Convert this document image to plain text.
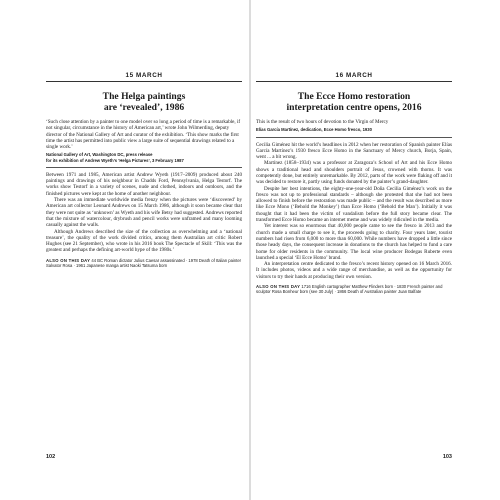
15 MARCH
The Helga paintings
are ‘revealed’, 1986

‘Such close attention by a painter to one model over so long a period of time is a remarkable, if not singular, circumstance in the history of American art,’ wrote John Wilmerding, deputy director of the National Gallery of Art and curator of the exhibition. ‘This show marks the first time the artist has permitted into public view a large suite of sequential drawings related to a single work.’

National Gallery of Art, Washington DC, press release
for its exhibition of Andrew Wyeth’s ‘Helga Pictures’, 3 February 1987

Between 1971 and 1985, American artist Andrew Wyeth (1917–2009) produced about 240 paintings and drawings of his neighbour in Chadds Ford, Pennsylvania, Helga Testorf. The works show Testorf in a variety of scenes, nude and clothed, indoors and outdoors, and the finished pictures were kept at the home of another neighbour.

There was an immediate worldwide media frenzy when the pictures were ‘discovered’ by American art collector Leonard Andrews on 15 March 1986, although it soon became clear that they were not quite as ‘unknown’ as Wyeth and his wife Betsy had suggested. Andrews reported that the mixture of watercolour, drybrush and pencil works were unframed and many looming casually against the walls.

Although Andrews described the size of the collection as overwhelming and a ‘national treasure’, the quality of the work divided critics, among them Australian art critic Robert Hughes (see 21 September), who wrote in his 2016 book The Spectacle of Skill: ‘This was the greatest and perhaps the defining art-world hype of the 1980s.’

ALSO ON THIS DAY 44 BC Roman dictator Julius Caesar assassinated · 1978 Death of Italian painter Salvator Rosa · 1961 Japanese manga artist Naoki Tatsuma born
102
16 MARCH
The Ecce Homo restoration
interpretation centre opens, 2016

This is the result of two hours of devotion to the Virgin of Mercy

Elías García Martínez, dedication, Ecce Homo fresco, 1930

Cecilia Giménez hit the world’s headlines in 2012 when her restoration of Spanish painter Elías García Martínez’s 1930 fresco Ecce Homo in the Sanctuary of Mercy church, Borja, Spain, went ... a bit wrong.

Martínez (1858–1934) was a professor at Zaragoza’s School of Art and his Ecce Homo shows a traditional head and shoulders portrait of Jesus, crowned with thorns. It was competently done, but entirely unremarkable. By 2012, parts of the work were flaking off and it was decided to restore it, partly using funds donated by the painter’s grand-daughter.

Despite her best intentions, the eighty-one-year-old Doña Cecilia Giménez’s work on the fresco was not up to professional standards – although she protested that she had not been allowed to finish before the restoration was made public – and the result was described as more like Ecce Mono (‘Behold the Monkey’) than Ecce Homo (‘Behold the Man’). Initially it was thought that it had been the victim of vandalism before the full story became clear. The transformed Ecce Homo became an internet meme and was widely ridiculed in the media.

Yet interest was so enormous that 40,000 people came to see the fresco in 2013 and the church made a small charge to see it, the proceeds going to charity. Four years later, tourist numbers had risen from 6,000 to more than 60,000. While numbers have dropped a little since those heady days, the consequent increase in donations to the church has helped to fund a care home for older residents in the community. The local wine producer Bodegas Ruberte even launched a special ‘El Ecce Homo’ brand.

An interpretation centre dedicated to the fresco’s recent history opened on 16 March 2016. It includes photos, videos and a wide range of merchandise, as well as the opportunity for visitors to try their hands at producing their own version.

ALSO ON THIS DAY 1716 English cartographer Matthew Flinders born · 1830 French painter and sculptor Rosa Bonheur born (see 30 July) · 1866 Death of Australian painter Juan Balfate
103
